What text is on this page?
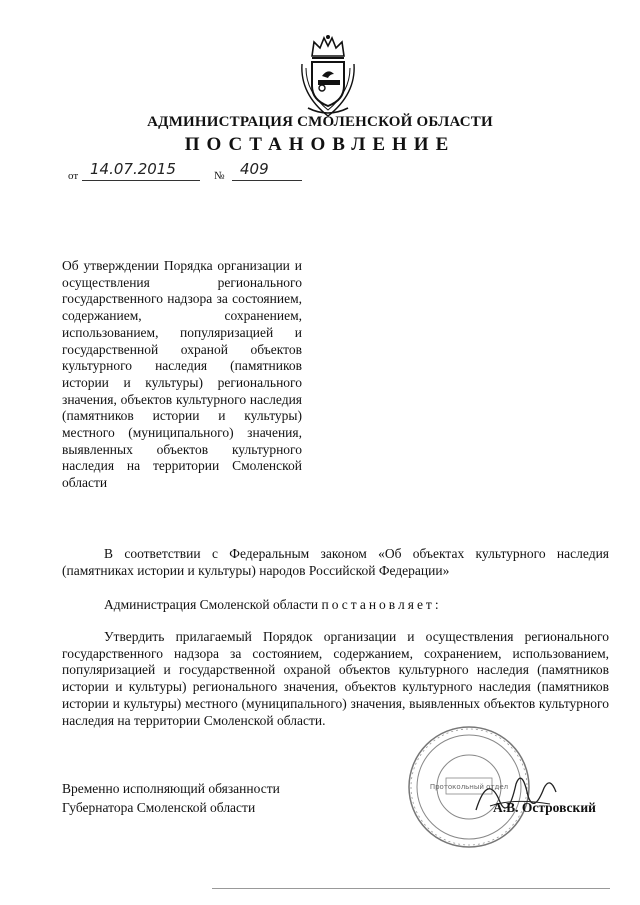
АДМИНИСТРАЦИЯ СМОЛЕНСКОЙ ОБЛАСТИ
ПОСТАНОВЛЕНИЕ
от 14.07.2015	№ 409
Об утверждении Порядка организации и осуществления регионального государственного надзора за состоянием, содержанием, сохранением, использованием, популяризацией и государственной охраной объектов культурного наследия (памятников истории и культуры) регионального значения, объектов культурного наследия (памятников истории и культуры) местного (муниципального) значения, выявленных объектов культурного наследия на территории Смоленской области
В соответствии с Федеральным законом «Об объектах культурного наследия (памятниках истории и культуры) народов Российской Федерации»
Администрация Смоленской области постановляет:
Утвердить прилагаемый Порядок организации и осуществления регионального государственного надзора за состоянием, содержанием, сохранением, использованием, популяризацией и государственной охраной объектов культурного наследия (памятников истории и культуры) регионального значения, объектов культурного наследия (памятников истории и культуры) местного (муниципального) значения, выявленных объектов культурного наследия на территории Смоленской области.
Временно исполняющий обязанности
Губернатора Смоленской области
Протокольный отдел
А.В. Островский
